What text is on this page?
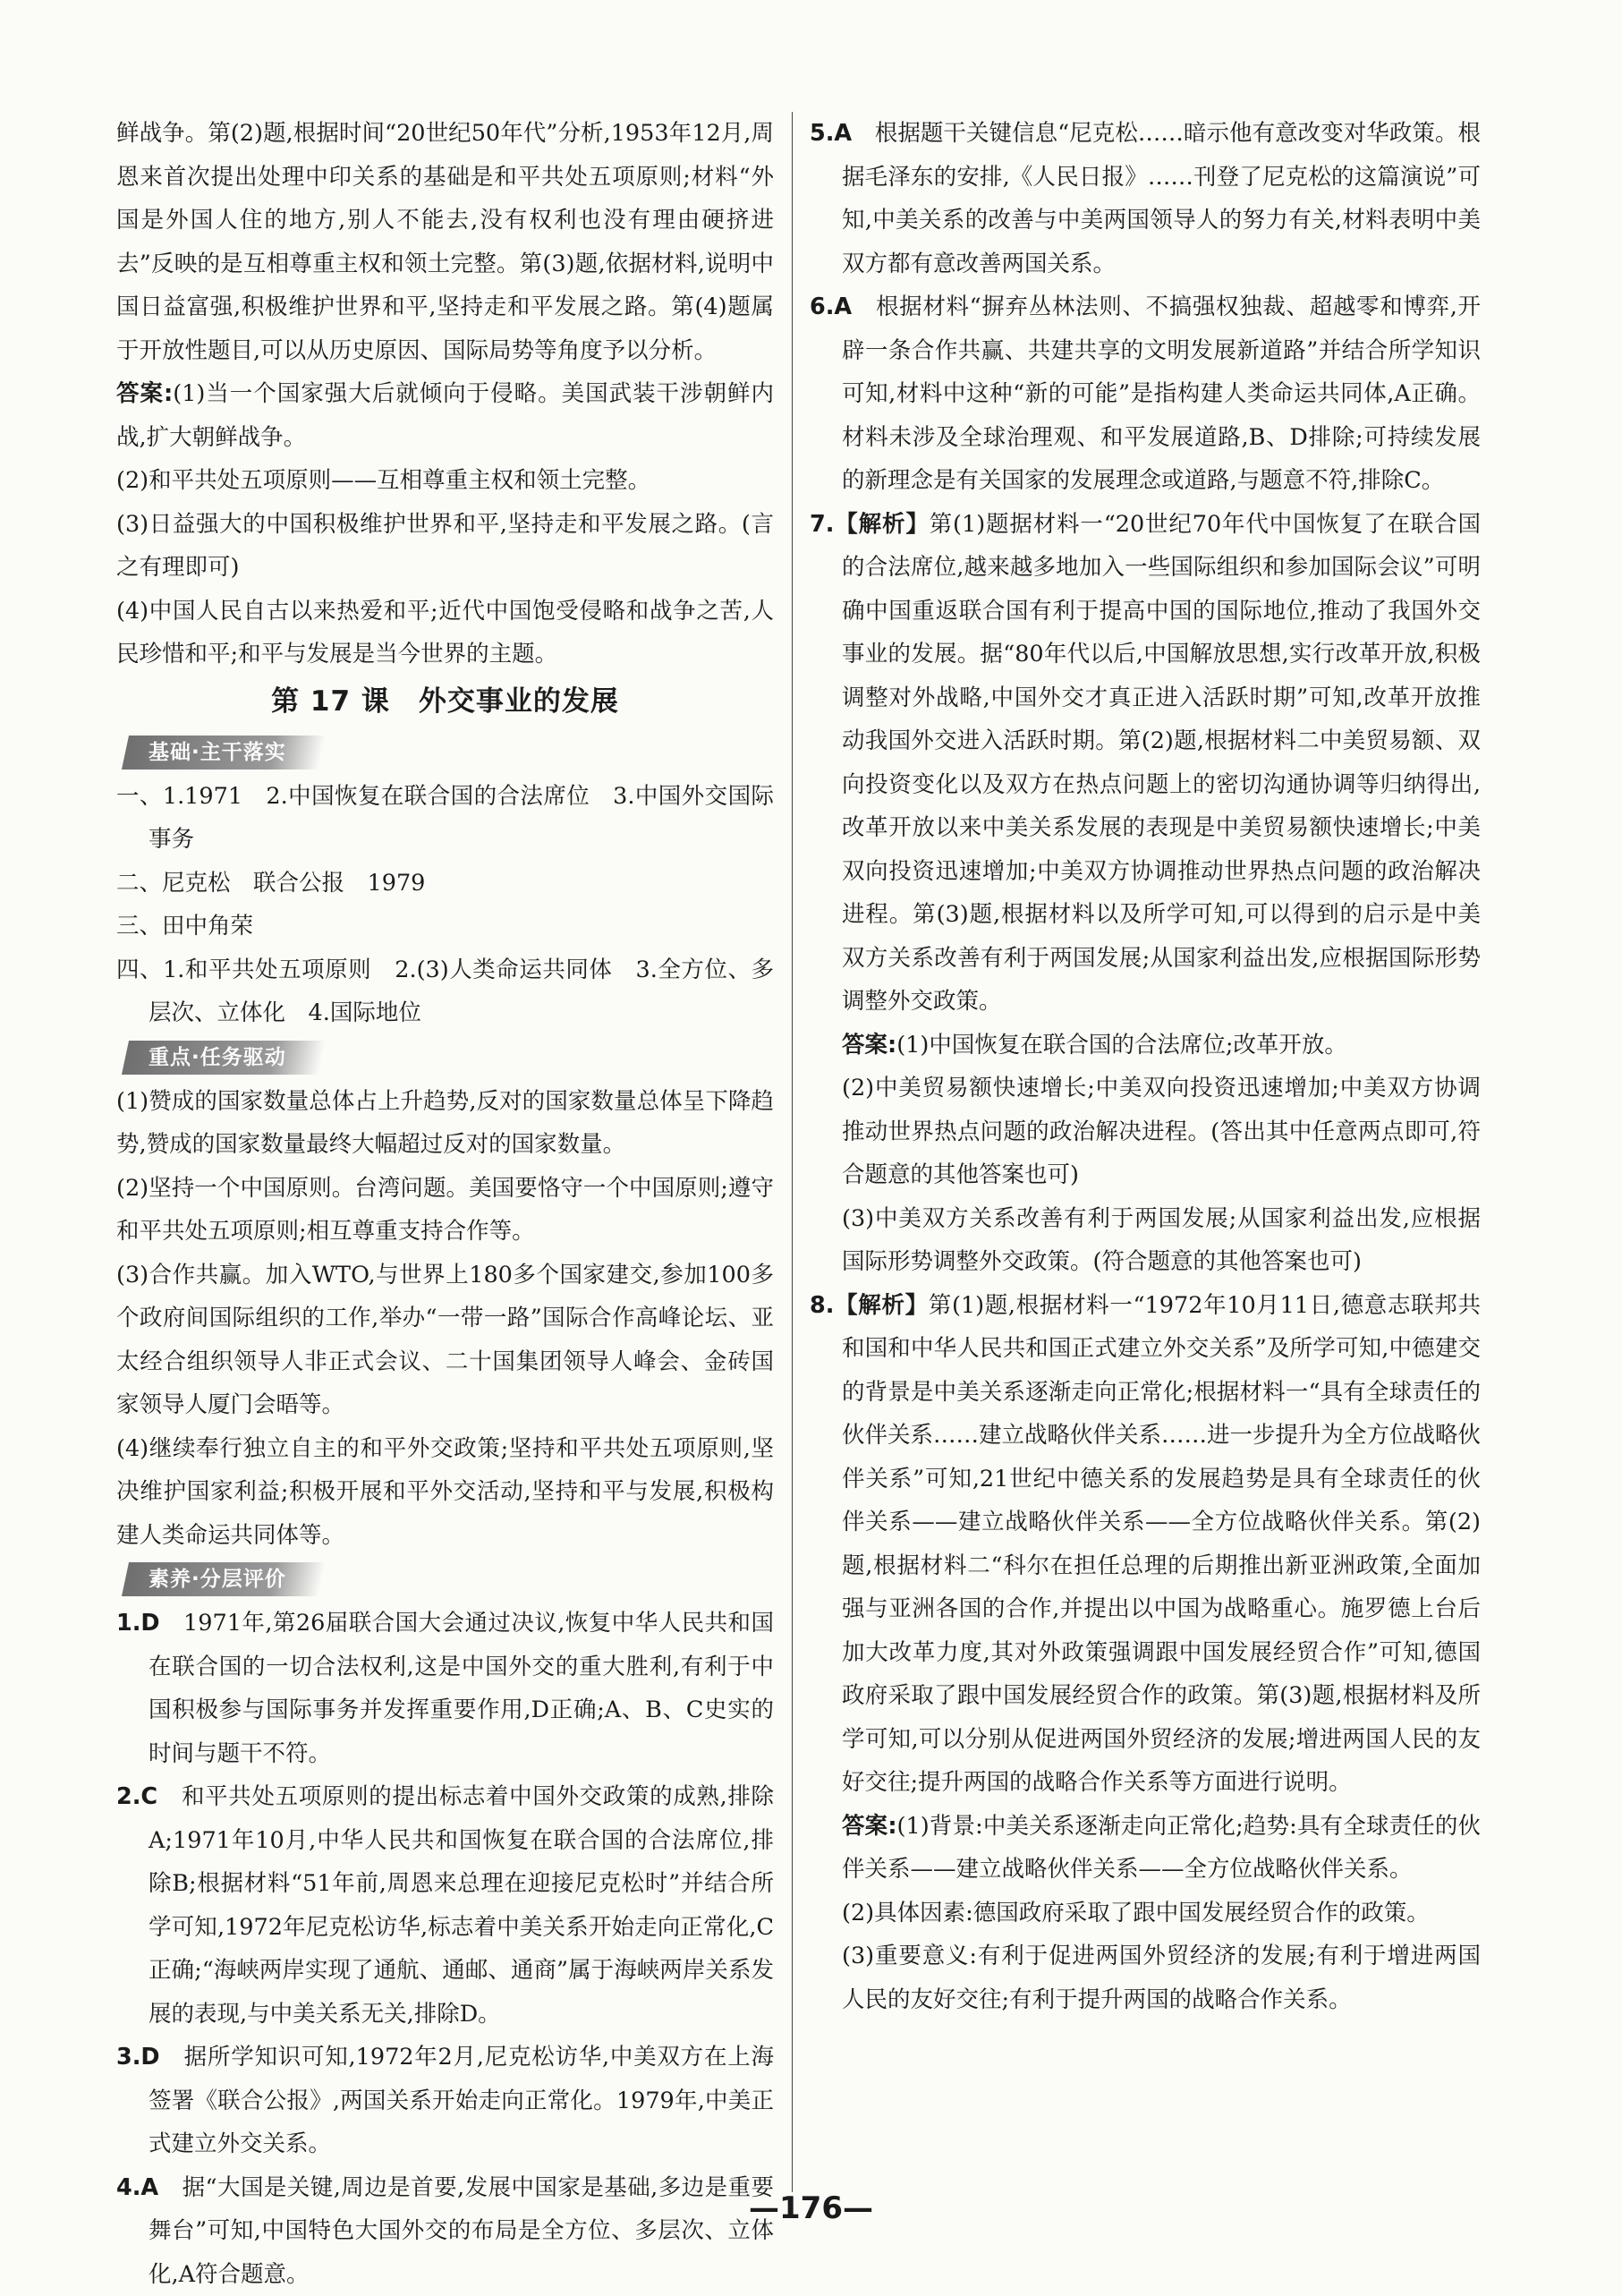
鲜战争。第(2)题,根据时间“20世纪50年代”分析,1953年12月,周恩来首次提出处理中印关系的基础是和平共处五项原则;材料“外国是外国人住的地方,别人不能去,没有权利也没有理由硬挤进去”反映的是互相尊重主权和领土完整。第(3)题,依据材料,说明中国日益富强,积极维护世界和平,坚持走和平发展之路。第(4)题属于开放性题目,可以从历史原因、国际局势等角度予以分析。

答案:(1)当一个国家强大后就倾向于侵略。美国武装干涉朝鲜内战,扩大朝鲜战争。

(2)和平共处五项原则——互相尊重主权和领土完整。

(3)日益强大的中国积极维护世界和平,坚持走和平发展之路。(言之有理即可)

(4)中国人民自古以来热爱和平;近代中国饱受侵略和战争之苦,人民珍惜和平;和平与发展是当今世界的主题。

第 17 课　外交事业的发展
基础·主干落实

一、1.1971　2.中国恢复在联合国的合法席位　3.中国外交国际事务

二、尼克松　联合公报　1979

三、田中角荣

四、1.和平共处五项原则　2.(3)人类命运共同体　3.全方位、多层次、立体化　4.国际地位

重点·任务驱动

(1)赞成的国家数量总体占上升趋势,反对的国家数量总体呈下降趋势,赞成的国家数量最终大幅超过反对的国家数量。

(2)坚持一个中国原则。台湾问题。美国要恪守一个中国原则;遵守和平共处五项原则;相互尊重支持合作等。

(3)合作共赢。加入WTO,与世界上180多个国家建交,参加100多个政府间国际组织的工作,举办“一带一路”国际合作高峰论坛、亚太经合组织领导人非正式会议、二十国集团领导人峰会、金砖国家领导人厦门会晤等。

(4)继续奉行独立自主的和平外交政策;坚持和平共处五项原则,坚决维护国家利益;积极开展和平外交活动,坚持和平与发展,积极构建人类命运共同体等。

素养·分层评价

1.D　 1971年,第26届联合国大会通过决议,恢复中华人民共和国在联合国的一切合法权利,这是中国外交的重大胜利,有利于中国积极参与国际事务并发挥重要作用,D正确;A、B、C史实的时间与题干不符。

2.C　 和平共处五项原则的提出标志着中国外交政策的成熟,排除A;1971年10月,中华人民共和国恢复在联合国的合法席位,排除B;根据材料“51年前,周恩来总理在迎接尼克松时”并结合所学可知,1972年尼克松访华,标志着中美关系开始走向正常化,C正确;“海峡两岸实现了通航、通邮、通商”属于海峡两岸关系发展的表现,与中美关系无关,排除D。

3.D　 据所学知识可知,1972年2月,尼克松访华,中美双方在上海签署《联合公报》,两国关系开始走向正常化。1979年,中美正式建立外交关系。

4.A　 据“大国是关键,周边是首要,发展中国家是基础,多边是重要舞台”可知,中国特色大国外交的布局是全方位、多层次、立体化,A符合题意。

5.A　 根据题干关键信息“尼克松……暗示他有意改变对华政策。根据毛泽东的安排,《人民日报》……刊登了尼克松的这篇演说”可知,中美关系的改善与中美两国领导人的努力有关,材料表明中美双方都有意改善两国关系。

6.A　 根据材料“摒弃丛林法则、不搞强权独裁、超越零和博弈,开辟一条合作共赢、共建共享的文明发展新道路”并结合所学知识可知,材料中这种“新的可能”是指构建人类命运共同体,A正确。材料未涉及全球治理观、和平发展道路,B、D排除;可持续发展的新理念是有关国家的发展理念或道路,与题意不符,排除C。

7.【解析】第(1)题据材料一“20世纪70年代中国恢复了在联合国的合法席位,越来越多地加入一些国际组织和参加国际会议”可明确中国重返联合国有利于提高中国的国际地位,推动了我国外交事业的发展。据“80年代以后,中国解放思想,实行改革开放,积极调整对外战略,中国外交才真正进入活跃时期”可知,改革开放推动我国外交进入活跃时期。第(2)题,根据材料二中美贸易额、双向投资变化以及双方在热点问题上的密切沟通协调等归纳得出,改革开放以来中美关系发展的表现是中美贸易额快速增长;中美双向投资迅速增加;中美双方协调推动世界热点问题的政治解决进程。第(3)题,根据材料以及所学可知,可以得到的启示是中美双方关系改善有利于两国发展;从国家利益出发,应根据国际形势调整外交政策。

答案:(1)中国恢复在联合国的合法席位;改革开放。

(2)中美贸易额快速增长;中美双向投资迅速增加;中美双方协调推动世界热点问题的政治解决进程。(答出其中任意两点即可,符合题意的其他答案也可)

(3)中美双方关系改善有利于两国发展;从国家利益出发,应根据国际形势调整外交政策。(符合题意的其他答案也可)

8.【解析】第(1)题,根据材料一“1972年10月11日,德意志联邦共和国和中华人民共和国正式建立外交关系”及所学可知,中德建交的背景是中美关系逐渐走向正常化;根据材料一“具有全球责任的伙伴关系……建立战略伙伴关系……进一步提升为全方位战略伙伴关系”可知,21世纪中德关系的发展趋势是具有全球责任的伙伴关系——建立战略伙伴关系——全方位战略伙伴关系。第(2)题,根据材料二“科尔在担任总理的后期推出新亚洲政策,全面加强与亚洲各国的合作,并提出以中国为战略重心。施罗德上台后加大改革力度,其对外政策强调跟中国发展经贸合作”可知,德国政府采取了跟中国发展经贸合作的政策。第(3)题,根据材料及所学可知,可以分别从促进两国外贸经济的发展;增进两国人民的友好交往;提升两国的战略合作关系等方面进行说明。

答案:(1)背景:中美关系逐渐走向正常化;趋势:具有全球责任的伙伴关系——建立战略伙伴关系——全方位战略伙伴关系。

(2)具体因素:德国政府采取了跟中国发展经贸合作的政策。

(3)重要意义:有利于促进两国外贸经济的发展;有利于增进两国人民的友好交往;有利于提升两国的战略合作关系。

—176—
